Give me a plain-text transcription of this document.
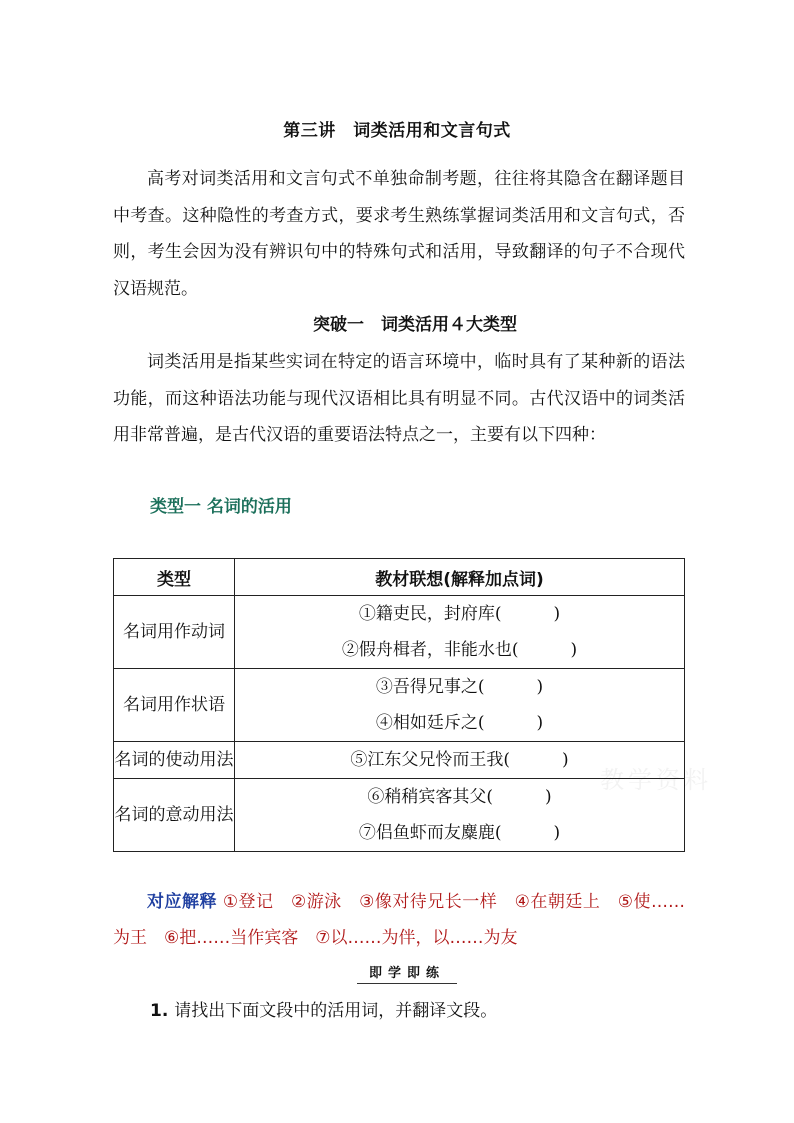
教学资料
第三讲　词类活用和文言句式
高考对词类活用和文言句式不单独命制考题，往往将其隐含在翻译题目中考查。这种隐性的考查方式，要求考生熟练掌握词类活用和文言句式，否则，考生会因为没有辨识句中的特殊句式和活用，导致翻译的句子不合现代汉语规范。
突破一　词类活用４大类型
词类活用是指某些实词在特定的语言环境中，临时具有了某种新的语法功能，而这种语法功能与现代汉语相比具有明显不同。古代汉语中的词类活用非常普遍，是古代汉语的重要语法特点之一，主要有以下四种：
类型一 名词的活用
类型	教材联想(解释加点词)
名词用作动词	①籍吏民，封府库( )
②假舟楫者，非能水也( )

名词用作状语	③吾得兄事之( )
④相如廷斥之( )

名词的使动用法	⑤江东父兄怜而王我( )

名词的意动用法	⑥稍稍宾客其父( )
⑦侣鱼虾而友麋鹿( )
对应解释 ①登记　②游泳　③像对待兄长一样　④在朝廷上　⑤使……为王　⑥把……当作宾客　⑦以……为伴，以……为友
即学即练
1. 请找出下面文段中的活用词，并翻译文段。
